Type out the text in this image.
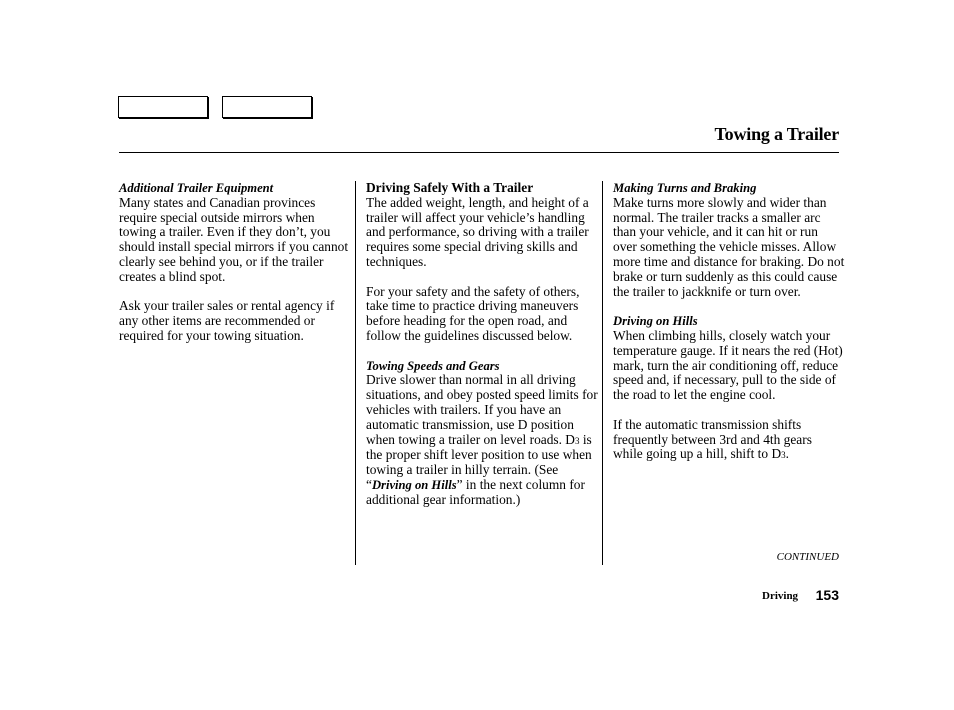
Towing a Trailer
Additional Trailer Equipment

Many states and Canadian provinces require special outside mirrors when towing a trailer. Even if they don’t, you should install special mirrors if you cannot clearly see behind you, or if the trailer creates a blind spot.

Ask your trailer sales or rental agency if any other items are recommended or required for your towing situation.

Driving Safely With a Trailer

The added weight, length, and height of a trailer will affect your vehicle’s handling and performance, so driving with a trailer requires some special driving skills and techniques.

For your safety and the safety of others, take time to practice driving maneuvers before heading for the open road, and follow the guidelines discussed below.

Towing Speeds and Gears

Drive slower than normal in all driving situations, and obey posted speed limits for vehicles with trailers. If you have an automatic transmission, use D position when towing a trailer on level roads. D3 is the proper shift lever position to use when towing a trailer in hilly terrain. (See “Driving on Hills” in the next column for additional gear information.)

Making Turns and Braking

Make turns more slowly and wider than normal. The trailer tracks a smaller arc than your vehicle, and it can hit or run over something the vehicle misses. Allow more time and distance for braking. Do not brake or turn suddenly as this could cause the trailer to jackknife or turn over.

Driving on Hills

When climbing hills, closely watch your temperature gauge. If it nears the red (Hot) mark, turn the air conditioning off, reduce speed and, if necessary, pull to the side of the road to let the engine cool.

If the automatic transmission shifts frequently between 3rd and 4th gears while going up a hill, shift to D3.

CONTINUED
Driving 153
